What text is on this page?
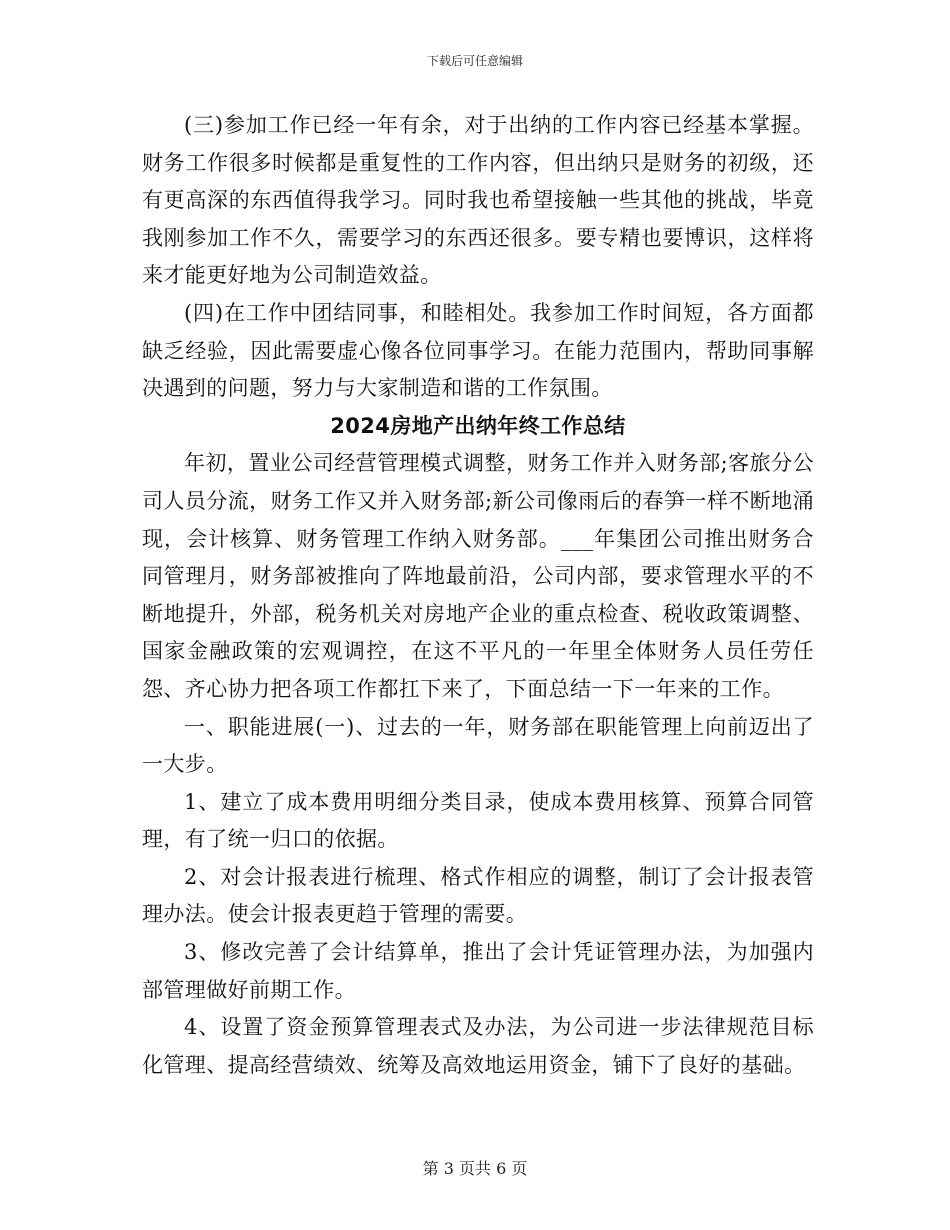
下载后可任意编辑

(三)参加工作已经一年有余，对于出纳的工作内容已经基本掌握。财务工作很多时候都是重复性的工作内容，但出纳只是财务的初级，还有更高深的东西值得我学习。同时我也希望接触一些其他的挑战，毕竟我刚参加工作不久，需要学习的东西还很多。要专精也要博识，这样将来才能更好地为公司制造效益。

(四)在工作中团结同事，和睦相处。我参加工作时间短，各方面都缺乏经验，因此需要虚心像各位同事学习。在能力范围内，帮助同事解决遇到的问题，努力与大家制造和谐的工作氛围。

2024房地产出纳年终工作总结

年初，置业公司经营管理模式调整，财务工作并入财务部;客旅分公司人员分流，财务工作又并入财务部;新公司像雨后的春笋一样不断地涌现，会计核算、财务管理工作纳入财务部。___年集团公司推出财务合同管理月，财务部被推向了阵地最前沿，公司内部，要求管理水平的不断地提升，外部，税务机关对房地产企业的重点检查、税收政策调整、国家金融政策的宏观调控，在这不平凡的一年里全体财务人员任劳任怨、齐心协力把各项工作都扛下来了，下面总结一下一年来的工作。

一、职能进展(一)、过去的一年，财务部在职能管理上向前迈出了一大步。

1、建立了成本费用明细分类目录，使成本费用核算、预算合同管理，有了统一归口的依据。

2、对会计报表进行梳理、格式作相应的调整，制订了会计报表管理办法。使会计报表更趋于管理的需要。

3、修改完善了会计结算单，推出了会计凭证管理办法，为加强内部管理做好前期工作。

4、设置了资金预算管理表式及办法，为公司进一步法律规范目标化管理、提高经营绩效、统筹及高效地运用资金，铺下了良好的基础。

第 3 页共 6 页
